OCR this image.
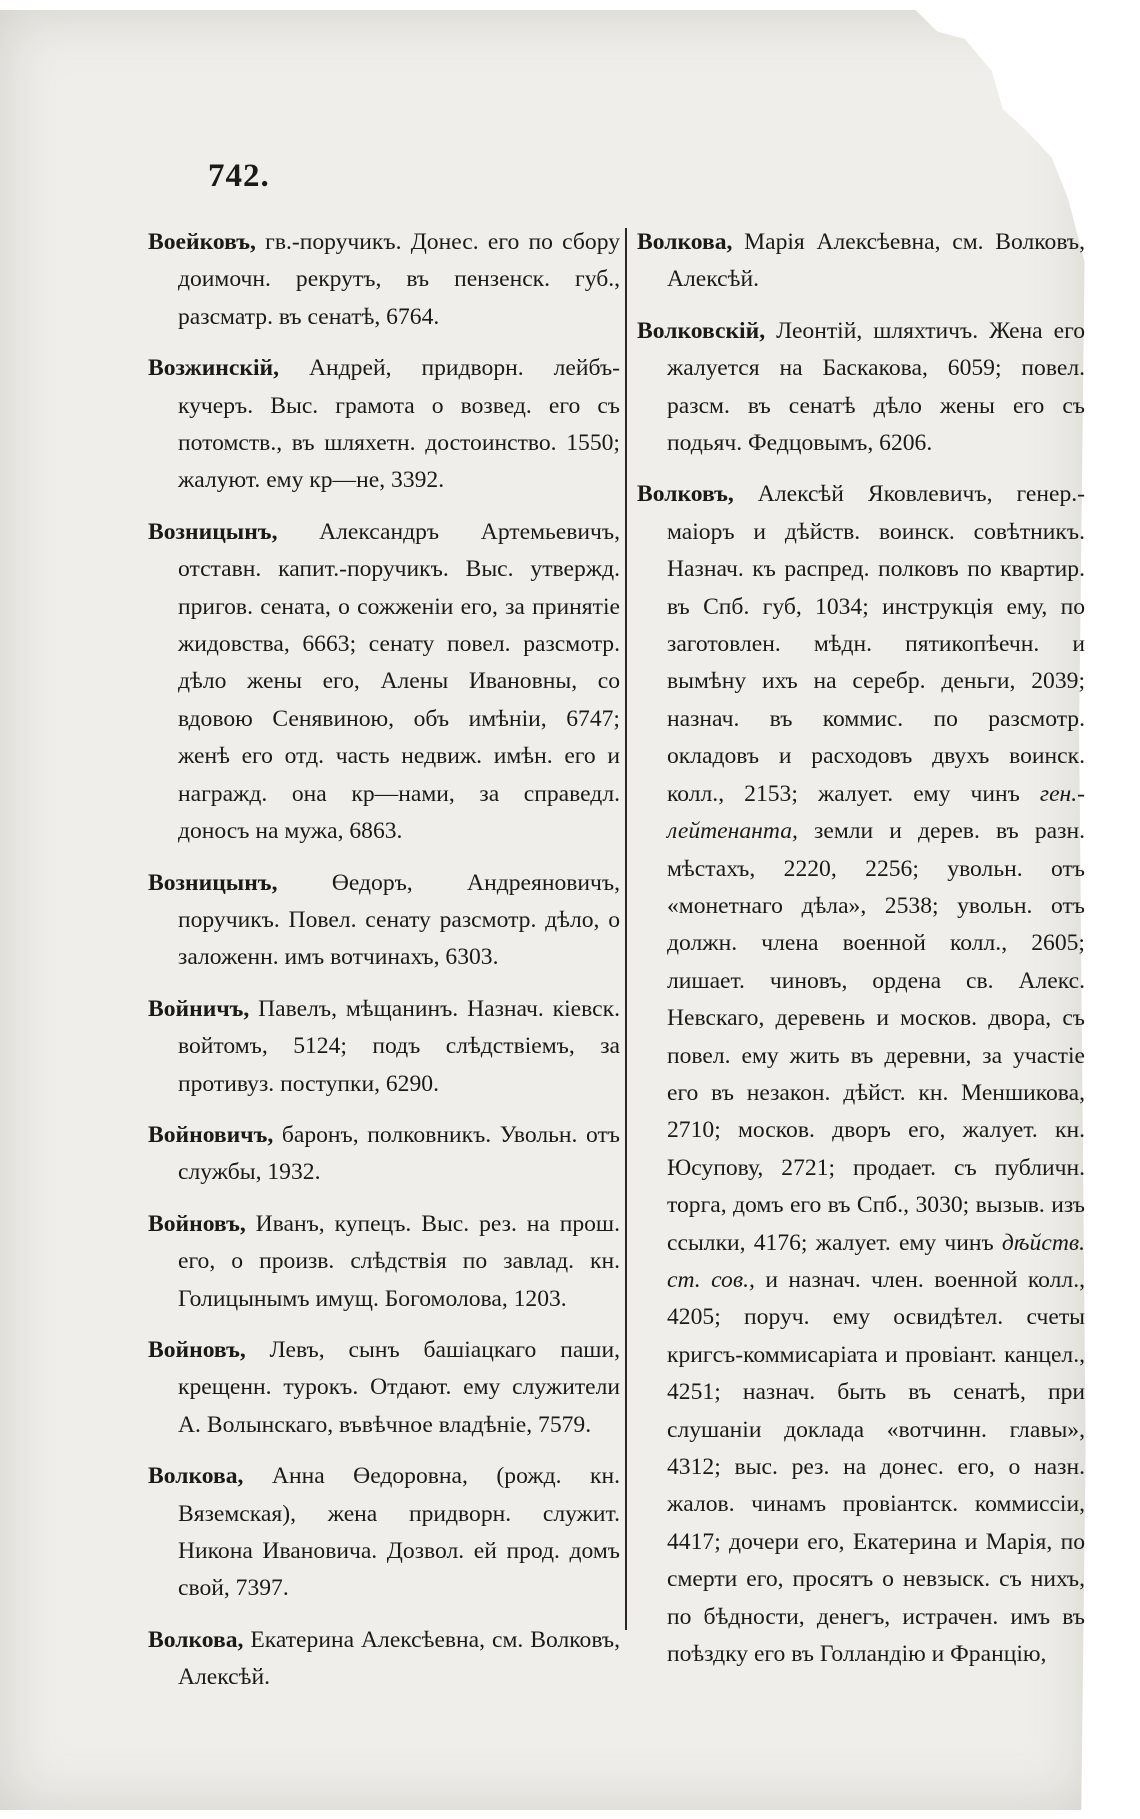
742.

Воейковъ, гв.-поручикъ. Донес. его по сбору доимочн. рекрутъ, въ пензенск. губ., разсматр. въ сенатѣ, 6764.

Возжинскій, Андрей, придворн. лейбъ-кучеръ. Выс. грамота о возвед. его съ потомств., въ шляхетн. достоинство. 1550; жалуют. ему кр—не, 3392.

Возницынъ, Александръ Артемьевичъ, отставн. капит.-поручикъ. Выс. утвержд. пригов. сената, о сожженіи его, за принятіе жидовства, 6663; сенату повел. разсмотр. дѣло жены его, Алены Ивановны, со вдовою Сенявиною, объ имѣніи, 6747; женѣ его отд. часть недвиж. имѣн. его и награжд. она кр—нами, за справедл. доносъ на мужа, 6863.

Возницынъ, Өедоръ, Андреяновичъ, поручикъ. Повел. сенату разсмотр. дѣло, о заложенн. имъ вотчинахъ, 6303.

Войничъ, Павелъ, мѣщанинъ. Назнач. кіевск. войтомъ, 5124; подъ слѣдствіемъ, за противуз. поступки, 6290.

Войновичъ, баронъ, полковникъ. Увольн. отъ службы, 1932.

Войновъ, Иванъ, купецъ. Выс. рез. на прош. его, о произв. слѣдствія по завлад. кн. Голицынымъ имущ. Богомолова, 1203.

Войновъ, Левъ, сынъ башіацкаго паши, крещенн. турокъ. Отдают. ему служители А. Волынскаго, въвѣчное владѣніе, 7579.

Волкова, Анна Өедоровна, (рожд. кн. Вяземская), жена придворн. служит. Никона Ивановича. Дозвол. ей прод. домъ свой, 7397.

Волкова, Екатерина Алексѣевна, см. Волковъ, Алексѣй.

Волкова, Марія Алексѣевна, см. Волковъ, Алексѣй.

Волковскій, Леонтій, шляхтичъ. Жена его жалуется на Баскакова, 6059; повел. разсм. въ сенатѣ дѣло жены его съ подьяч. Федцовымъ, 6206.

Волковъ, Алексѣй Яковлевичъ, генер.-маіоръ и дѣйств. воинск. совѣтникъ. Назнач. къ распред. полковъ по квартир. въ Спб. губ, 1034; инструкція ему, по заготовлен. мѣдн. пятикопѣечн. и вымѣну ихъ на серебр. деньги, 2039; назнач. въ коммис. по разсмотр. окладовъ и расходовъ двухъ воинск. колл., 2153; жалует. ему чинъ ген.-лейтенанта, земли и дерев. въ разн. мѣстахъ, 2220, 2256; увольн. отъ «монетнаго дѣла», 2538; увольн. отъ должн. члена военной колл., 2605; лишает. чиновъ, ордена св. Алекс. Невскаго, деревень и москов. двора, съ повел. ему жить въ деревни, за участіе его въ незакон. дѣйст. кн. Меншикова, 2710; москов. дворъ его, жалует. кн. Юсупову, 2721; продает. съ публичн. торга, домъ его въ Спб., 3030; вызыв. изъ ссылки, 4176; жалует. ему чинъ дѣйств. ст. сов., и назнач. член. военной колл., 4205; поруч. ему освидѣтел. счеты кригсъ-коммисаріата и провіант. канцел., 4251; назнач. быть въ сенатѣ, при слушаніи доклада «вотчинн. главы», 4312; выс. рез. на донес. его, о назн. жалов. чинамъ провіантск. коммиссіи, 4417; дочери его, Екатерина и Марія, по смерти его, просятъ о невзыск. съ нихъ, по бѣдности, денегъ, истрачен. имъ въ поѣздку его въ Голландію и Францію,
